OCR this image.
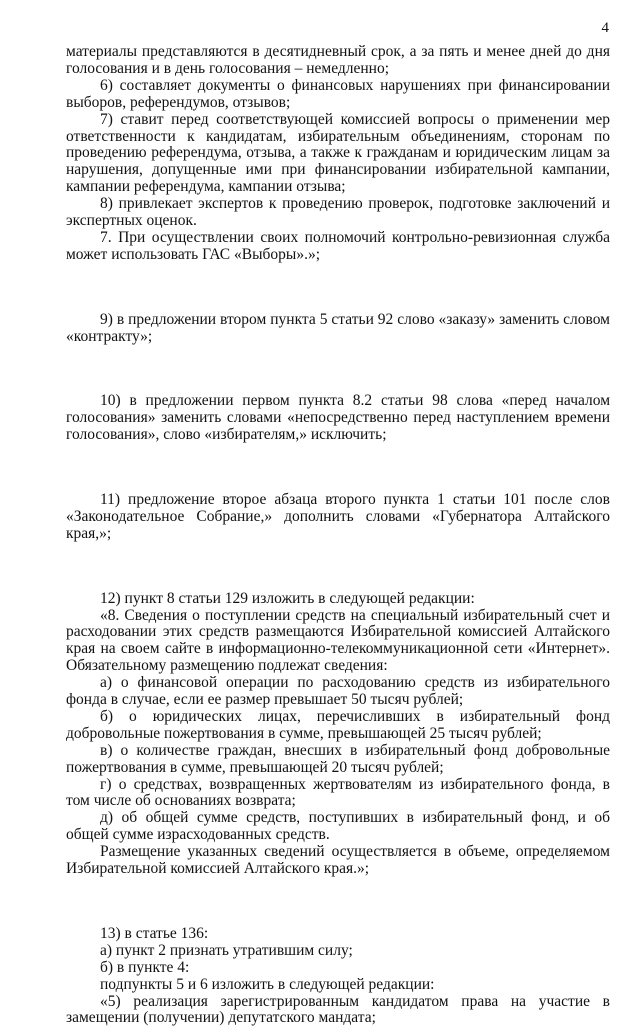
4

материалы представляются в десятидневный срок, а за пять и менее дней до дня голосования и в день голосования – немедленно;

6) составляет документы о финансовых нарушениях при финансировании выборов, референдумов, отзывов;

7) ставит перед соответствующей комиссией вопросы о применении мер ответственности к кандидатам, избирательным объединениям, сторонам по проведению референдума, отзыва, а также к гражданам и юридическим лицам за нарушения, допущенные ими при финансировании избирательной кампании, кампании референдума, кампании отзыва;

8) привлекает экспертов к проведению проверок, подготовке заключений и экспертных оценок.

7. При осуществлении своих полномочий контрольно-ревизионная служба может использовать ГАС «Выборы».»;

9) в предложении втором пункта 5 статьи 92 слово «заказу» заменить словом «контракту»;

10) в предложении первом пункта 8.2 статьи 98 слова «перед началом голосования» заменить словами «непосредственно перед наступлением времени голосования», слово «избирателям,» исключить;

11) предложение второе абзаца второго пункта 1 статьи 101 после слов «Законодательное Собрание,» дополнить словами «Губернатора Алтайского края,»;

12) пункт 8 статьи 129 изложить в следующей редакции:

«8. Сведения о поступлении средств на специальный избирательный счет и расходовании этих средств размещаются Избирательной комиссией Алтайского края на своем сайте в информационно-телекоммуникационной сети «Интернет». Обязательному размещению подлежат сведения:

а) о финансовой операции по расходованию средств из избирательного фонда в случае, если ее размер превышает 50 тысяч рублей;

б) о юридических лицах, перечисливших в избирательный фонд добровольные пожертвования в сумме, превышающей 25 тысяч рублей;

в) о количестве граждан, внесших в избирательный фонд добровольные пожертвования в сумме, превышающей 20 тысяч рублей;

г) о средствах, возвращенных жертвователям из избирательного фонда, в том числе об основаниях возврата;

д) об общей сумме средств, поступивших в избирательный фонд, и об общей сумме израсходованных средств.

Размещение указанных сведений осуществляется в объеме, определяемом Избирательной комиссией Алтайского края.»;

13) в статье 136:

а) пункт 2 признать утратившим силу;

б) в пункте 4:

подпункты 5 и 6 изложить в следующей редакции:

«5) реализация зарегистрированным кандидатом права на участие в замещении (получении) депутатского мандата;
